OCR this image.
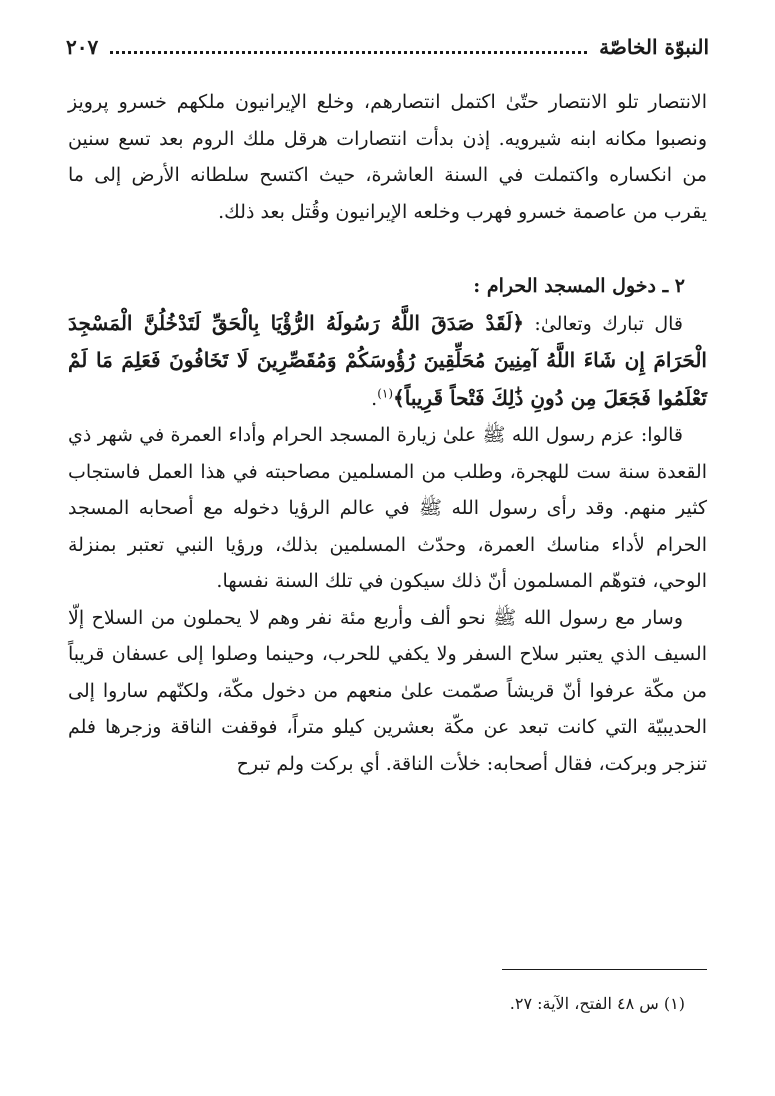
النبوّة الخاصّة
٢٠٧

الانتصار تلو الانتصار حتّىٰ اكتمل انتصارهم، وخلع الإيرانيون ملكهم خسرو پرويز ونصبوا مكانه ابنه شيرويه. إذن بدأت انتصارات هرقل ملك الروم بعد تسع سنين من انكساره واكتملت في السنة العاشرة، حيث اكتسح سلطانه الأرض إلى ما يقرب من عاصمة خسرو فهرب وخلعه الإيرانيون وقُتل بعد ذلك.

٢ ـ دخول المسجد الحرام :

قال تبارك وتعالىٰ: ﴿لَقَدْ صَدَقَ اللَّهُ رَسُولَهُ الرُّؤْيَا بِالْحَقِّ لَتَدْخُلُنَّ الْمَسْجِدَ الْحَرَامَ إِن شَاءَ اللَّهُ آمِنِينَ مُحَلِّقِينَ رُؤُوسَكُمْ وَمُقَصِّرِينَ لَا تَخَافُونَ فَعَلِمَ مَا لَمْ تَعْلَمُوا فَجَعَلَ مِن دُونِ ذَٰلِكَ فَتْحاً قَرِيباً﴾$^{(١)}$.

قالوا: عزم رسول الله ﷺ علىٰ زيارة المسجد الحرام وأداء العمرة في شهر ذي القعدة سنة ست للهجرة، وطلب من المسلمين مصاحبته في هذا العمل فاستجاب كثير منهم. وقد رأى رسول الله ﷺ في عالم الرؤيا دخوله مع أصحابه المسجد الحرام لأداء مناسك العمرة، وحدّث المسلمين بذلك، ورؤيا النبي تعتبر بمنزلة الوحي، فتوهّم المسلمون أنّ ذلك سيكون في تلك السنة نفسها.

وسار مع رسول الله ﷺ نحو ألف وأربع مئة نفر وهم لا يحملون من السلاح إلّا السيف الذي يعتبر سلاح السفر ولا يكفي للحرب، وحينما وصلوا إلى عسفان قريباً من مكّة عرفوا أنّ قريشاً صمّمت علىٰ منعهم من دخول مكّة، ولكنّهم ساروا إلى الحديبيّة التي كانت تبعد عن مكّة بعشرين كيلو متراً، فوقفت الناقة وزجرها فلم تنزجر وبركت، فقال أصحابه: خلأت الناقة. أي بركت ولم تبرح

(١) س ٤٨ الفتح، الآية: ٢٧.
